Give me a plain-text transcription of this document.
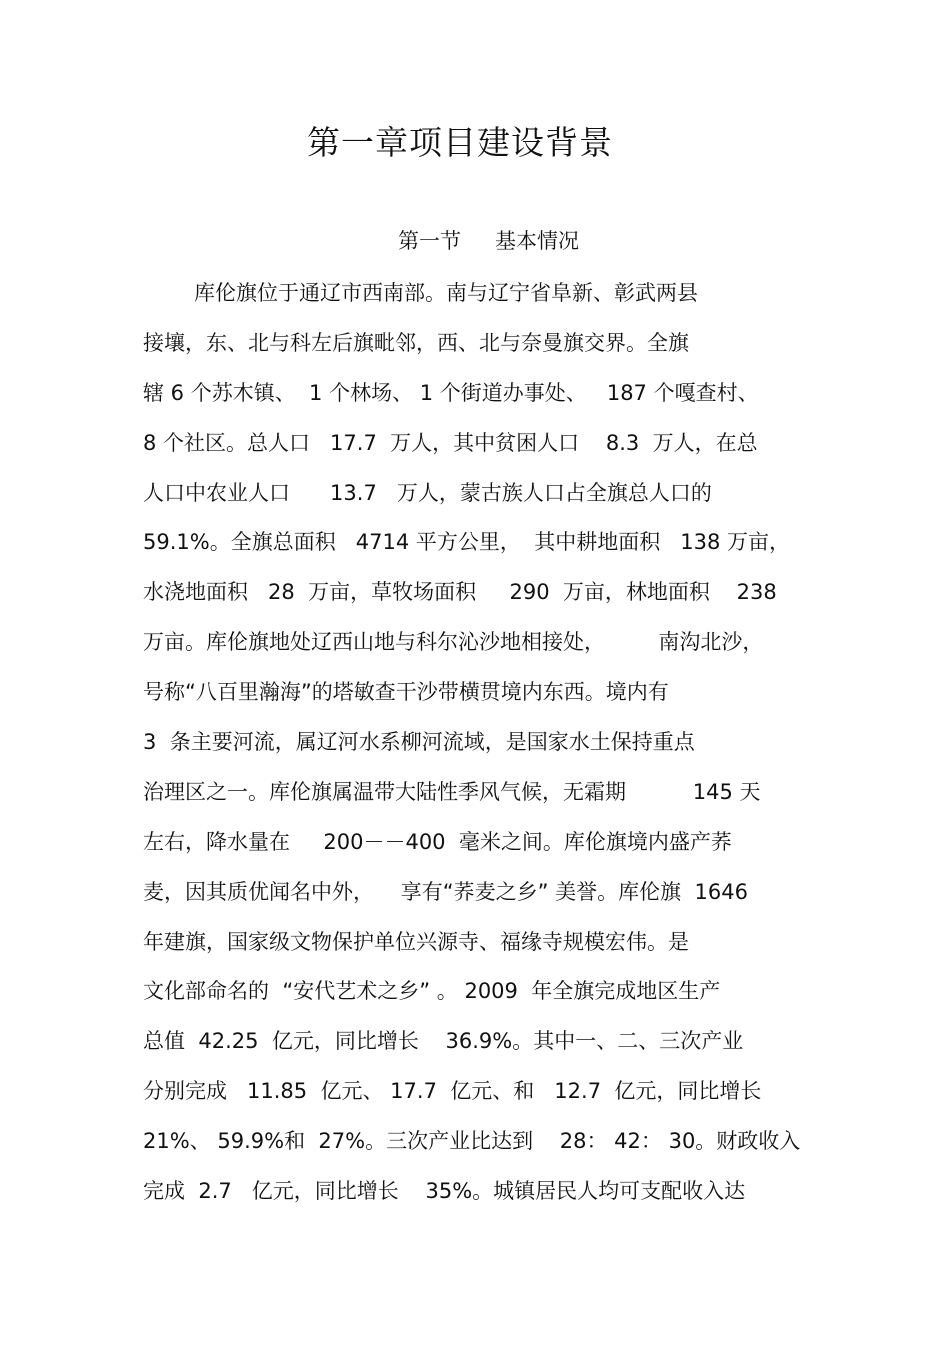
第一章项目建设背景
第一节 基本情况
库伦旗位于通辽市西南部。南与辽宁省阜新、彰武两县
接壤，东、北与科左后旗毗邻，西、北与奈曼旗交界。全旗
辖 6 个苏木镇、  1 个林场、 1 个街道办事处、   187 个嘎查村、
8 个社区。总人口   17.7  万人，其中贫困人口    8.3  万人，在总
人口中农业人口      13.7   万人，蒙古族人口占全旗总人口的
59.1%。全旗总面积   4714 平方公里，  其中耕地面积   138 万亩，
水浇地面积   28  万亩，草牧场面积     290  万亩，林地面积    238
万亩。库伦旗地处辽西山地与科尔沁沙地相接处，        南沟北沙，
号称“八百里瀚海”的塔敏查干沙带横贯境内东西。境内有
3  条主要河流，属辽河水系柳河流域，是国家水土保持重点
治理区之一。库伦旗属温带大陆性季风气候，无霜期          145 天
左右，降水量在     200－－400  毫米之间。库伦旗境内盛产荞
麦，因其质优闻名中外，    享有“荞麦之乡” 美誉。库伦旗  1646
年建旗，国家级文物保护单位兴源寺、福缘寺规模宏伟。是
文化部命名的  “安代艺术之乡” 。 2009  年全旗完成地区生产
总值  42.25  亿元，同比增长    36.9%。其中一、二、三次产业
分别完成   11.85  亿元、 17.7  亿元、和   12.7  亿元，同比增长
21%、 59.9%和  27%。三次产业比达到    28： 42： 30。财政收入
完成  2.7   亿元，同比增长    35%。城镇居民人均可支配收入达
